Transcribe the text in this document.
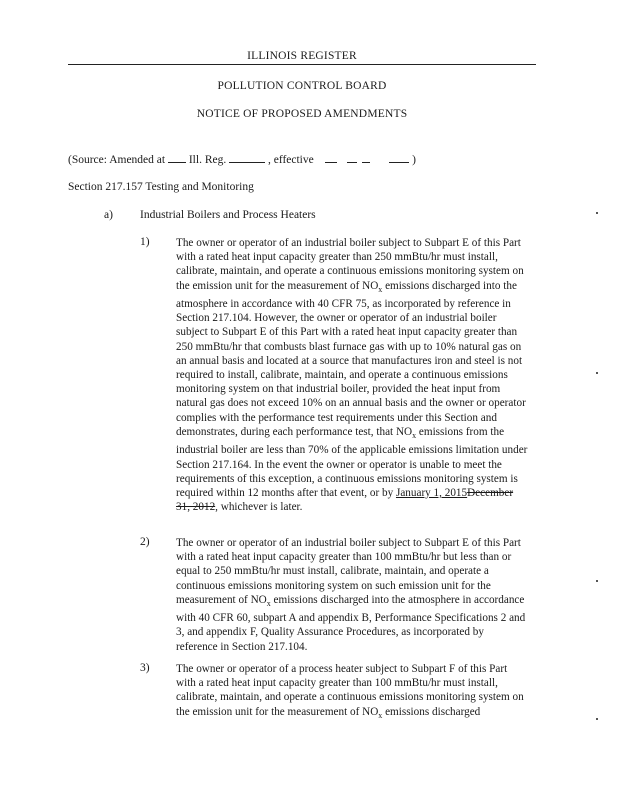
ILLINOIS REGISTER
POLLUTION CONTROL BOARD
NOTICE OF PROPOSED AMENDMENTS
(Source: Amended at Ill. Reg.	, effective	)
Section 217.157 Testing and Monitoring
a) Industrial Boilers and Process Heaters
1) The owner or operator of an industrial boiler subject to Subpart E of this Part with a rated heat input capacity greater than 250 mmBtu/hr must install, calibrate, maintain, and operate a continuous emissions monitoring system on the emission unit for the measurement of $NO_x$ emissions discharged into the atmosphere in accordance with 40 CFR 75, as incorporated by reference in Section 217.104. However, the owner or operator of an industrial boiler subject to Subpart E of this Part with a rated heat input capacity greater than 250 mmBtu/hr that combusts blast furnace gas with up to 10% natural gas on an annual basis and located at a source that manufactures iron and steel is not required to install, calibrate, maintain, and operate a continuous emissions monitoring system on that industrial boiler, provided the heat input from natural gas does not exceed 10% on an annual basis and the owner or operator complies with the performance test requirements under this Section and demonstrates, during each performance test, that $NO_x$ emissions from the industrial boiler are less than 70% of the applicable emissions limitation under Section 217.164. In the event the owner or operator is unable to meet the requirements of this exception, a continuous emissions monitoring system is required within 12 months after that event, or by January 1, 2015December 31, 2012, whichever is later.

2) The owner or operator of an industrial boiler subject to Subpart E of this Part with a rated heat input capacity greater than 100 mmBtu/hr but less than or equal to 250 mmBtu/hr must install, calibrate, maintain, and operate a continuous emissions monitoring system on such emission unit for the measurement of $NO_x$ emissions discharged into the atmosphere in accordance with 40 CFR 60, subpart A and appendix B, Performance Specifications 2 and 3, and appendix F, Quality Assurance Procedures, as incorporated by reference in Section 217.104.

3) The owner or operator of a process heater subject to Subpart F of this Part with a rated heat input capacity greater than 100 mmBtu/hr must install, calibrate, maintain, and operate a continuous emissions monitoring system on the emission unit for the measurement of $NO_x$ emissions discharged
